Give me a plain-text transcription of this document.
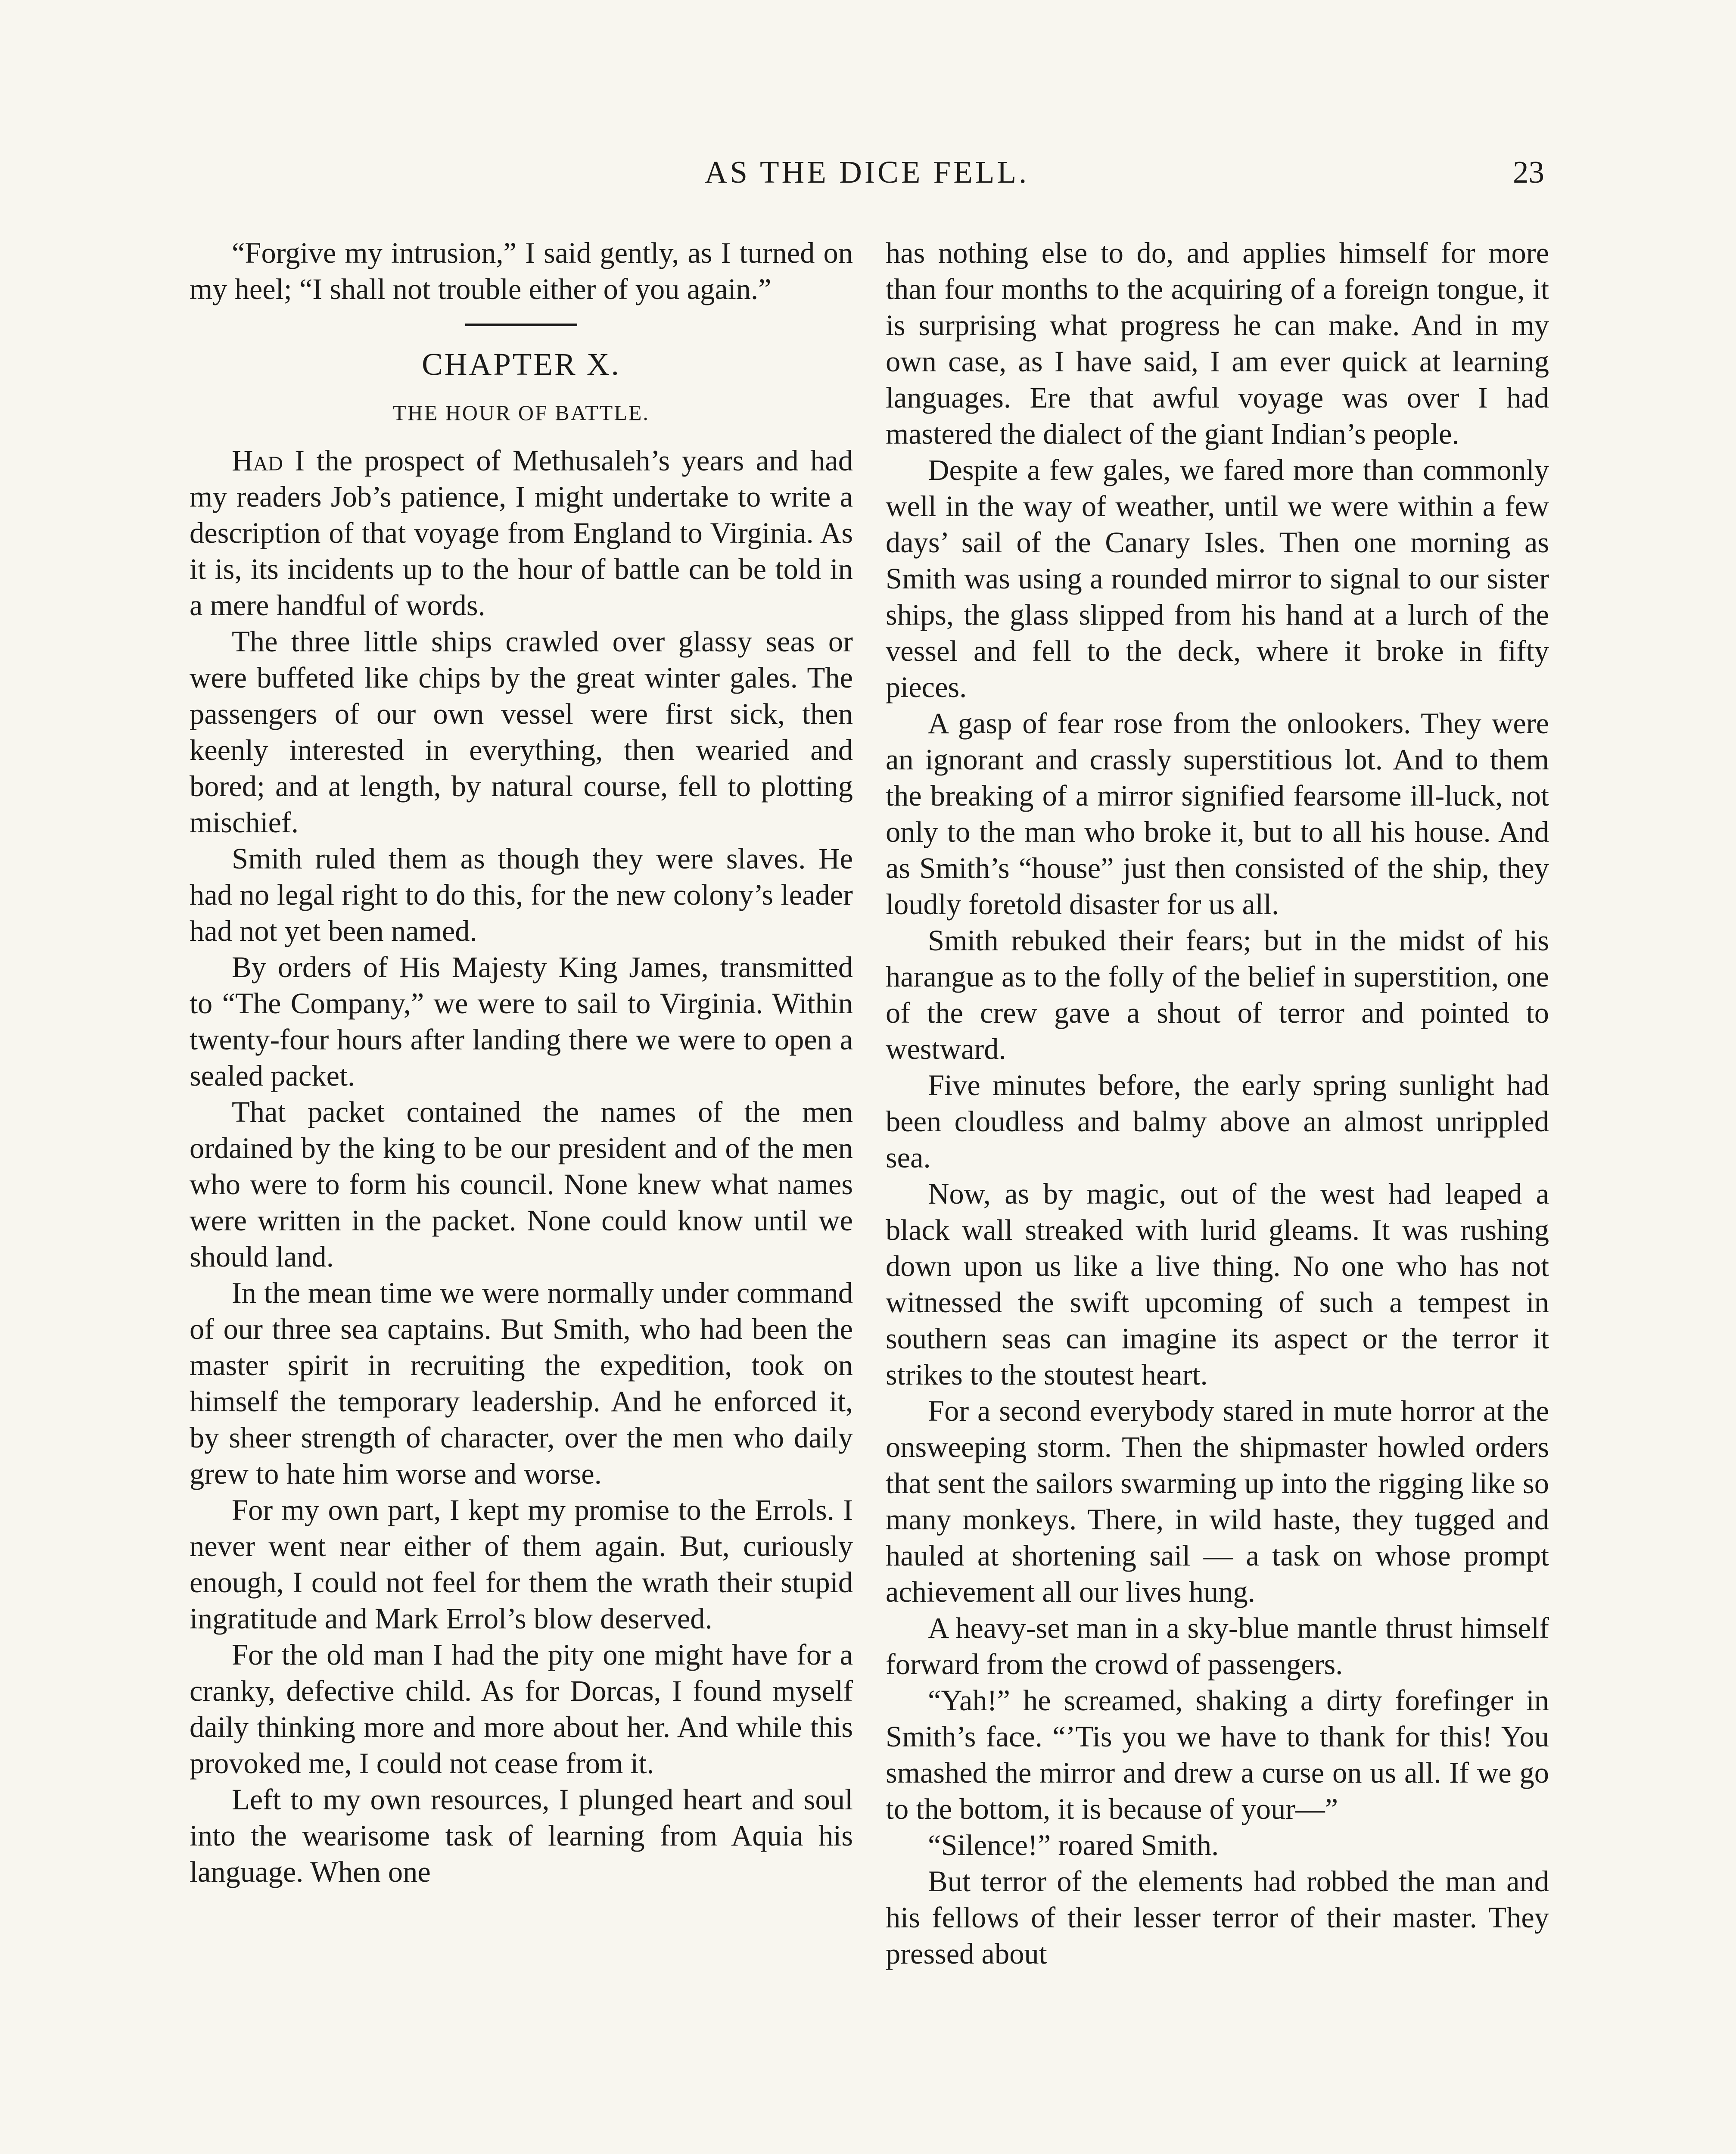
AS THE DICE FELL.	23

“Forgive my intrusion,” I said gently, as I turned on my heel; “I shall not trouble either of you again.”

CHAPTER X.
THE HOUR OF BATTLE.

Had I the prospect of Methusaleh’s years and had my readers Job’s patience, I might undertake to write a description of that voyage from England to Virginia. As it is, its incidents up to the hour of battle can be told in a mere handful of words.

The three little ships crawled over glassy seas or were buffeted like chips by the great winter gales. The passengers of our own vessel were first sick, then keenly interested in everything, then wearied and bored; and at length, by natural course, fell to plotting mischief.

Smith ruled them as though they were slaves. He had no legal right to do this, for the new colony’s leader had not yet been named.

By orders of His Majesty King James, transmitted to “The Company,” we were to sail to Virginia. Within twenty-four hours after landing there we were to open a sealed packet.

That packet contained the names of the men ordained by the king to be our president and of the men who were to form his council. None knew what names were written in the packet. None could know until we should land.

In the mean time we were normally under command of our three sea captains. But Smith, who had been the master spirit in recruiting the expedition, took on himself the temporary leadership. And he enforced it, by sheer strength of character, over the men who daily grew to hate him worse and worse.

For my own part, I kept my promise to the Errols. I never went near either of them again. But, curiously enough, I could not feel for them the wrath their stupid ingratitude and Mark Errol’s blow deserved.

For the old man I had the pity one might have for a cranky, defective child. As for Dorcas, I found myself daily thinking more and more about her. And while this provoked me, I could not cease from it.

Left to my own resources, I plunged heart and soul into the wearisome task of learning from Aquia his language. When one

has nothing else to do, and applies himself for more than four months to the acquiring of a foreign tongue, it is surprising what progress he can make. And in my own case, as I have said, I am ever quick at learning languages. Ere that awful voyage was over I had mastered the dialect of the giant Indian’s people.

Despite a few gales, we fared more than commonly well in the way of weather, until we were within a few days’ sail of the Canary Isles. Then one morning as Smith was using a rounded mirror to signal to our sister ships, the glass slipped from his hand at a lurch of the vessel and fell to the deck, where it broke in fifty pieces.

A gasp of fear rose from the onlookers. They were an ignorant and crassly superstitious lot. And to them the breaking of a mirror signified fearsome ill-luck, not only to the man who broke it, but to all his house. And as Smith’s “house” just then consisted of the ship, they loudly foretold disaster for us all.

Smith rebuked their fears; but in the midst of his harangue as to the folly of the belief in superstition, one of the crew gave a shout of terror and pointed to westward.

Five minutes before, the early spring sunlight had been cloudless and balmy above an almost unrippled sea.

Now, as by magic, out of the west had leaped a black wall streaked with lurid gleams. It was rushing down upon us like a live thing. No one who has not witnessed the swift upcoming of such a tempest in southern seas can imagine its aspect or the terror it strikes to the stoutest heart.

For a second everybody stared in mute horror at the onsweeping storm. Then the shipmaster howled orders that sent the sailors swarming up into the rigging like so many monkeys. There, in wild haste, they tugged and hauled at shortening sail — a task on whose prompt achievement all our lives hung.

A heavy-set man in a sky-blue mantle thrust himself forward from the crowd of passengers.

“Yah!” he screamed, shaking a dirty forefinger in Smith’s face. “’Tis you we have to thank for this! You smashed the mirror and drew a curse on us all. If we go to the bottom, it is because of your—”

“Silence!” roared Smith.

But terror of the elements had robbed the man and his fellows of their lesser terror of their master. They pressed about
